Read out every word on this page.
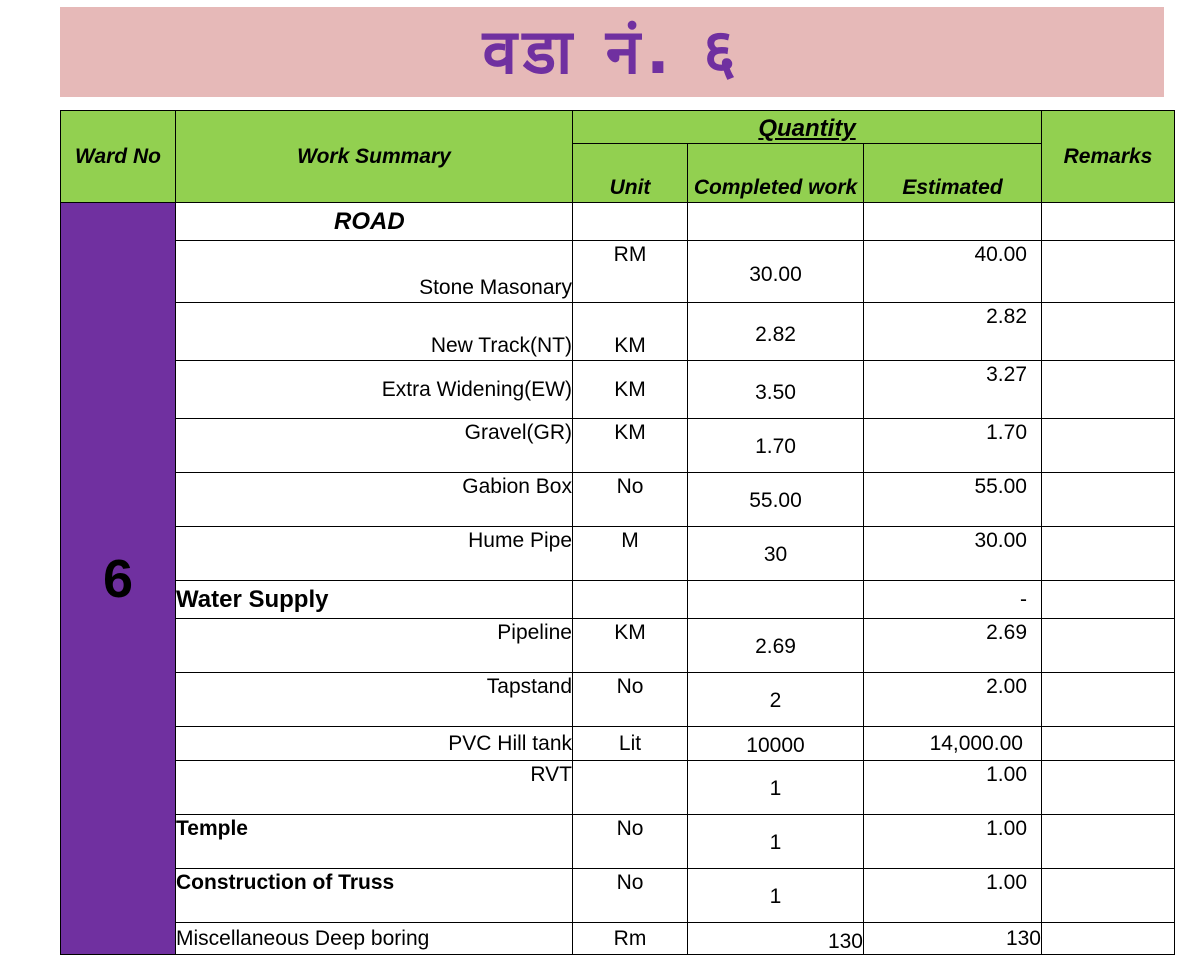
वडा नं. ६
Ward No	Work Summary	Quantity			Remarks
		Unit	Completed work	Estimated	
6	ROAD				
	Stone Masonary	RM	30.00	40.00	
	New Track(NT)	KM	2.82	2.82	
	Extra Widening(EW)	KM	3.50	3.27	
	Gravel(GR)	KM	1.70	1.70	
	Gabion Box	No	55.00	55.00	
	Hume Pipe	M	30	30.00	
	Water Supply			-	
	Pipeline	KM	2.69	2.69	
	Tapstand	No	2	2.00	
	PVC Hill tank	Lit	10000	14,000.00	
	RVT		1	1.00	
	Temple	No	1	1.00	
	Construction of Truss	No	1	1.00	
	Miscellaneous Deep boring	Rm	130	130	
